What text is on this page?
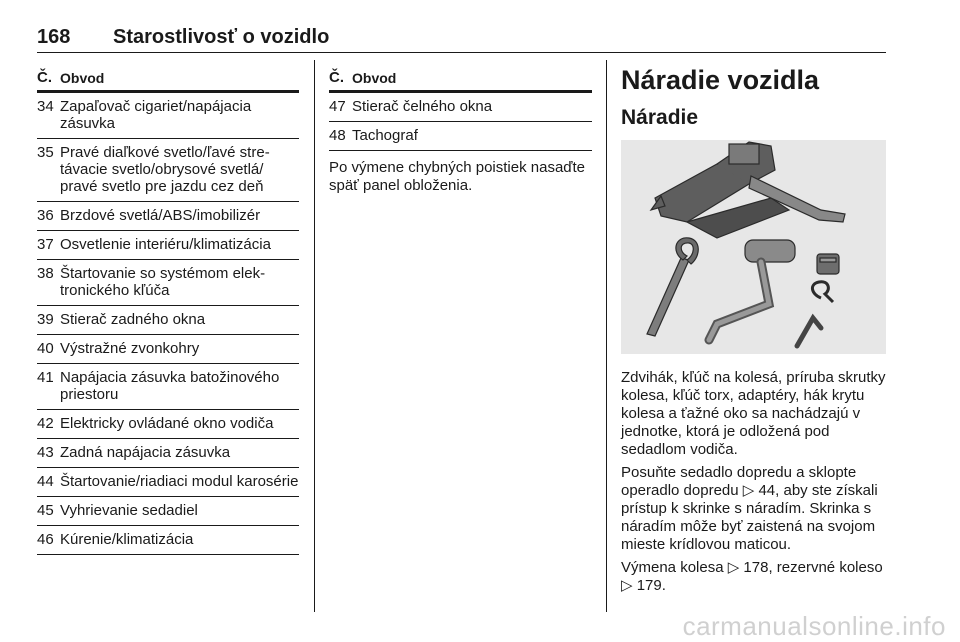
168	Starostlivosť o vozidlo
Č. Obvod
34 Zapaľovač cigariet/napájacia zásuvka
35 Pravé diaľkové svetlo/ľavé stretávacie svetlo/obrysové svetlá/ pravé svetlo pre jazdu cez deň
36 Brzdové svetlá/ABS/imobilizér
37 Osvetlenie interiéru/klimatizácia
38 Štartovanie so systémom elektronického kľúča
39 Stierač zadného okna
40 Výstražné zvonkohry
41 Napájacia zásuvka batožinového priestoru
42 Elektricky ovládané okno vodiča
43 Zadná napájacia zásuvka
44 Štartovanie/riadiaci modul karosérie
45 Vyhrievanie sedadiel
46 Kúrenie/klimatizácia
Č. Obvod
47 Stierač čelného okna
48 Tachograf
Po výmene chybných poistiek nasaďte späť panel obloženia.
Náradie vozidla
Náradie
Zdvihák, kľúč na kolesá, príruba skrutky kolesa, kľúč torx, adaptéry, hák krytu kolesa a ťažné oko sa nachádzajú v jednotke, ktorá je odložená pod sedadlom vodiča.
Posuňte sedadlo dopredu a sklopte operadlo dopredu ▷ 44, aby ste získali prístup k skrinke s náradím. Skrinka s náradím môže byť zaistená na svojom mieste krídlovou maticou.
Výmena kolesa ▷ 178, rezervné koleso ▷ 179.
carmanualsonline.info
